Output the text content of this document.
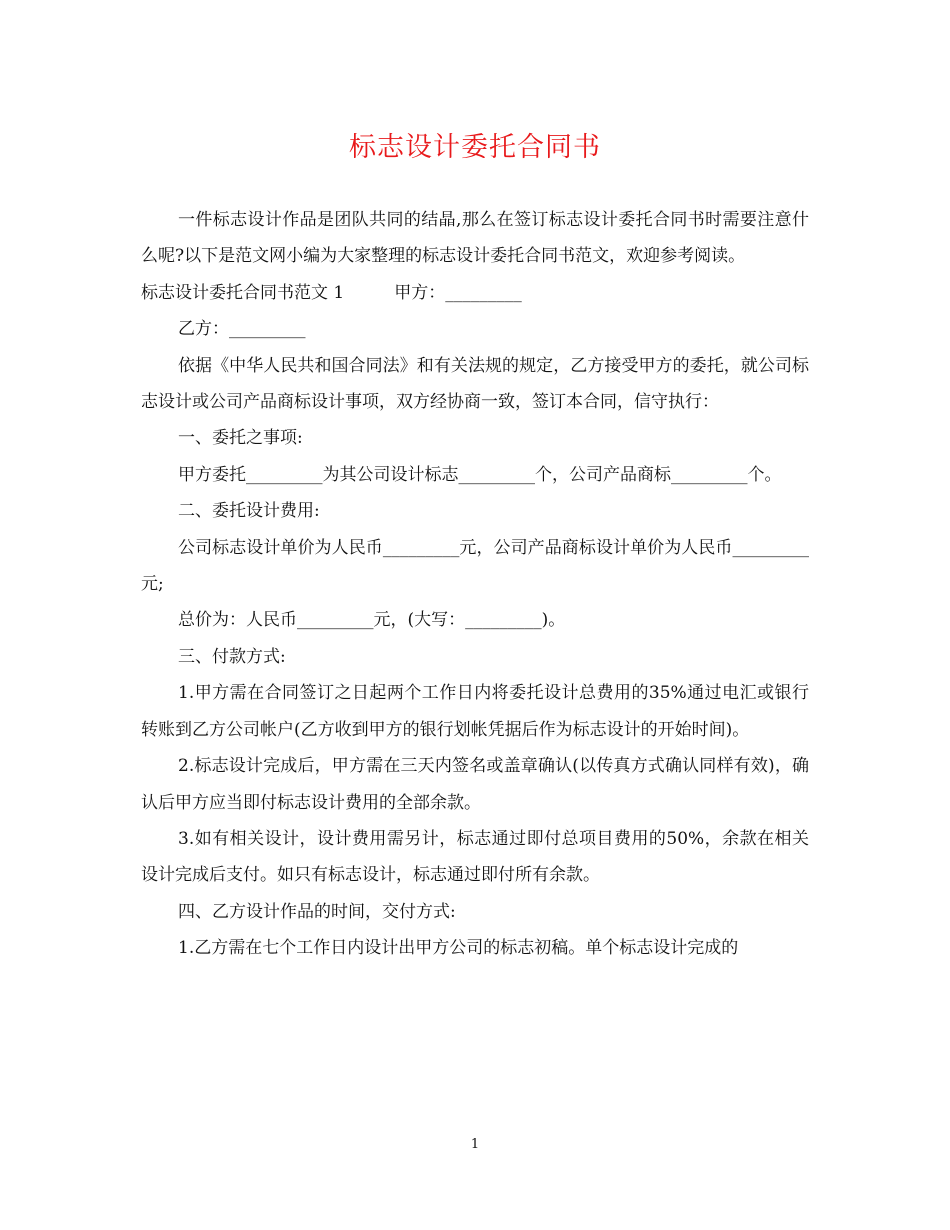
标志设计委托合同书

一件标志设计作品是团队共同的结晶,那么在签订标志设计委托合同书时需要注意什么呢?以下是范文网小编为大家整理的标志设计委托合同书范文，欢迎参考阅读。

标志设计委托合同书范文 1	甲方：_________

乙方：_________

依据《中华人民共和国合同法》和有关法规的规定，乙方接受甲方的委托，就公司标志设计或公司产品商标设计事项，双方经协商一致，签订本合同，信守执行：

一、委托之事项:

甲方委托_________为其公司设计标志_________个，公司产品商标_________个。

二、委托设计费用:

公司标志设计单价为人民币_________元，公司产品商标设计单价为人民币_________元;

总价为：人民币_________元，(大写：_________)。

三、付款方式:

1.甲方需在合同签订之日起两个工作日内将委托设计总费用的35%通过电汇或银行转账到乙方公司帐户(乙方收到甲方的银行划帐凭据后作为标志设计的开始时间)。

2.标志设计完成后，甲方需在三天内签名或盖章确认(以传真方式确认同样有效)，确认后甲方应当即付标志设计费用的全部余款。

3.如有相关设计，设计费用需另计，标志通过即付总项目费用的50%，余款在相关设计完成后支付。如只有标志设计，标志通过即付所有余款。

四、乙方设计作品的时间，交付方式:

1.乙方需在七个工作日内设计出甲方公司的标志初稿。单个标志设计完成的

1
